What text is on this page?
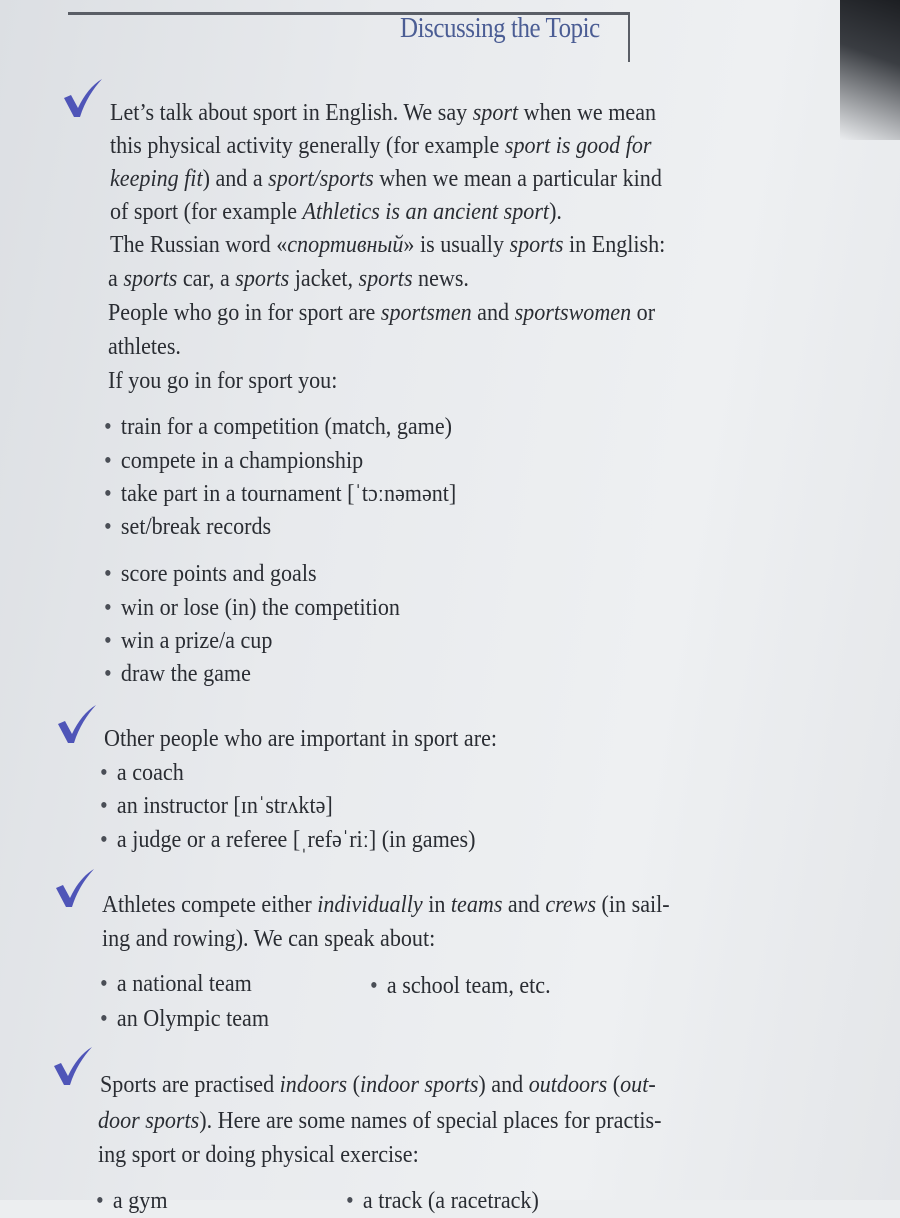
Discussing the Topic
Let’s talk about sport in English. We say sport when we mean
this physical activity generally (for example sport is good for
keeping fit) and a sport/sports when we mean a particular kind
of sport (for example Athletics is an ancient sport).
The Russian word «спортивный» is usually sports in English:
a sports car, a sports jacket, sports news.
People who go in for sport are sportsmen and sportswomen or
athletes.
If you go in for sport you:
• train for a competition (match, game)
• compete in a championship
• take part in a tournament [ˈtɔːnəmənt]
• set/break records
• score points and goals
• win or lose (in) the competition
• win a prize/a cup
• draw the game
Other people who are important in sport are:
• a coach
• an instructor [ɪnˈstrʌktə]
• a judge or a referee [ˌrefəˈriː] (in games)
Athletes compete either individually in teams and crews (in sail-
ing and rowing). We can speak about:
• a national team
• an Olympic team
• a school team, etc.
Sports are practised indoors (indoor sports) and outdoors (out-
door sports). Here are some names of special places for practis-
ing sport or doing physical exercise:
• a gym
•	a track (a racetrack)
